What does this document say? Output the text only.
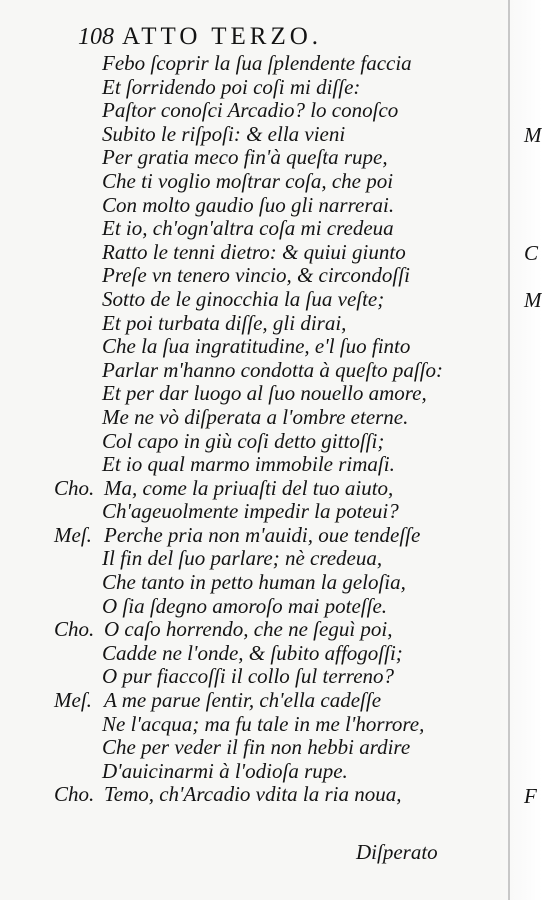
108 ATTO TERZO.
Febo ſcoprir la ſua ſplendente faccia
Et ſorridendo poi coſi mi diſſe:
Paſtor conoſci Arcadio? lo conoſco
Subito le riſpoſi: & ella vieni
Per gratia meco fin'à queſta rupe,
Che ti voglio moſtrar coſa, che poi
Con molto gaudio ſuo gli narrerai.
Et io, ch'ogn'altra coſa mi credeua
Ratto le tenni dietro: & quiui giunto
Preſe vn tenero vincio, & circondoſſi
Sotto de le ginocchia la ſua veſte;
Et poi turbata diſſe, gli dirai,
Che la ſua ingratitudine, e'l ſuo finto
Parlar m'hanno condotta à queſto paſſo:
Et per dar luogo al ſuo nouello amore,
Me ne vò diſperata a l'ombre eterne.
Col capo in giù coſi detto gittoſſi;
Et io qual marmo immobile rimaſi.
Cho. Ma, come la priuaſti del tuo aiuto,
Ch'ageuolmente impedir la poteui?
Meſ. Perche pria non m'auidi, oue tendeſſe
Il fin del ſuo parlare; nè credeua,
Che tanto in petto human la geloſia,
O ſia ſdegno amoroſo mai poteſſe.
Cho. O caſo horrendo, che ne ſeguì poi,
Cadde ne l'onde, & ſubito affogoſſi;
O pur fiaccoſſi il collo ſul terreno?
Meſ. A me parue ſentir, ch'ella cadeſſe
Ne l'acqua; ma fu tale in me l'horrore,
Che per veder il fin non hebbi ardire
D'auicinarmi à l'odioſa rupe.
Cho. Temo, ch'Arcadio vdita la ria noua,
Diſperato
M
C
M
F
